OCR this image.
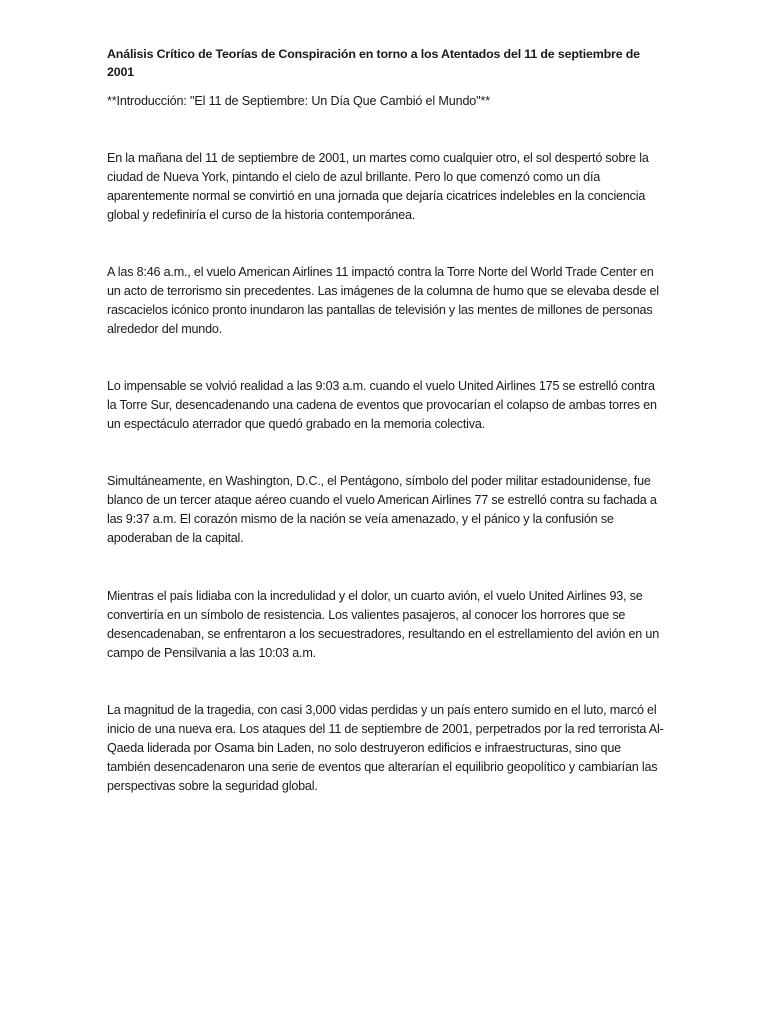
Análisis Crítico de Teorías de Conspiración en torno a los Atentados del 11 de septiembre de 2001

**Introducción: "El 11 de Septiembre: Un Día Que Cambió el Mundo"**

En la mañana del 11 de septiembre de 2001, un martes como cualquier otro, el sol despertó sobre la ciudad de Nueva York, pintando el cielo de azul brillante. Pero lo que comenzó como un día aparentemente normal se convirtió en una jornada que dejaría cicatrices indelebles en la conciencia global y redefiniría el curso de la historia contemporánea.

A las 8:46 a.m., el vuelo American Airlines 11 impactó contra la Torre Norte del World Trade Center en un acto de terrorismo sin precedentes. Las imágenes de la columna de humo que se elevaba desde el rascacielos icónico pronto inundaron las pantallas de televisión y las mentes de millones de personas alrededor del mundo.

Lo impensable se volvió realidad a las 9:03 a.m. cuando el vuelo United Airlines 175 se estrelló contra la Torre Sur, desencadenando una cadena de eventos que provocarían el colapso de ambas torres en un espectáculo aterrador que quedó grabado en la memoria colectiva.

Simultáneamente, en Washington, D.C., el Pentágono, símbolo del poder militar estadounidense, fue blanco de un tercer ataque aéreo cuando el vuelo American Airlines 77 se estrelló contra su fachada a las 9:37 a.m. El corazón mismo de la nación se veía amenazado, y el pánico y la confusión se apoderaban de la capital.

Mientras el país lidiaba con la incredulidad y el dolor, un cuarto avión, el vuelo United Airlines 93, se convertiría en un símbolo de resistencia. Los valientes pasajeros, al conocer los horrores que se desencadenaban, se enfrentaron a los secuestradores, resultando en el estrellamiento del avión en un campo de Pensilvania a las 10:03 a.m.

La magnitud de la tragedia, con casi 3,000 vidas perdidas y un país entero sumido en el luto, marcó el inicio de una nueva era. Los ataques del 11 de septiembre de 2001, perpetrados por la red terrorista Al-Qaeda liderada por Osama bin Laden, no solo destruyeron edificios e infraestructuras, sino que también desencadenaron una serie de eventos que alterarían el equilibrio geopolítico y cambiarían las perspectivas sobre la seguridad global.
